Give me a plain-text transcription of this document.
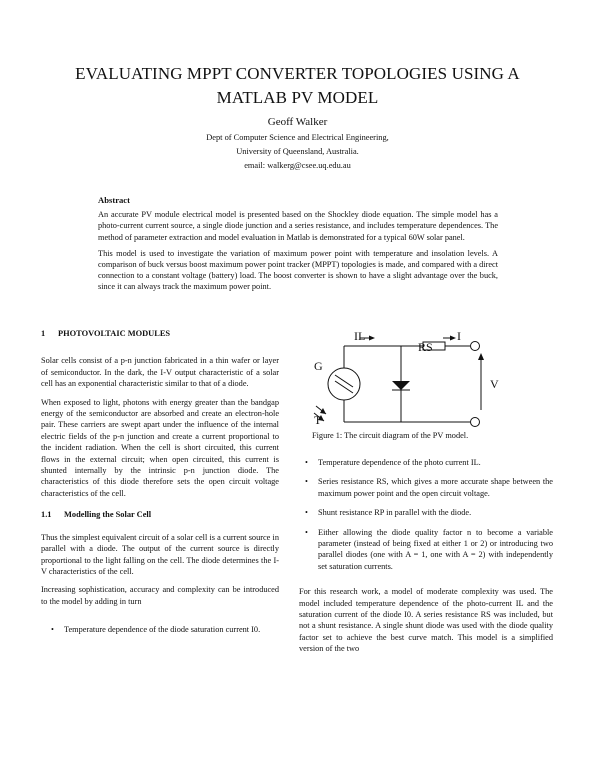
EVALUATING MPPT CONVERTER TOPOLOGIES USING A MATLAB PV MODEL
Geoff Walker
Dept of Computer Science and Electrical Engineering,
University of Queensland, Australia.
email: walkerg@csee.uq.edu.au
Abstract

An accurate PV module electrical model is presented based on the Shockley diode equation. The simple model has a photo-current current source, a single diode junction and a series resistance, and includes temperature dependences. The method of parameter extraction and model evaluation in Matlab is demonstrated for a typical 60W solar panel.

This model is used to investigate the variation of maximum power point with temperature and insolation levels. A comparison of buck versus boost maximum power point tracker (MPPT) topologies is made, and compared with a direct connection to a constant voltage (battery) load. The boost converter is shown to have a slight advantage over the buck, since it can always track the maximum power point.

1 PHOTOVOLTAIC MODULES

Solar cells consist of a p-n junction fabricated in a thin wafer or layer of semiconductor. In the dark, the I-V output characteristic of a solar cell has an exponential characteristic similar to that of a diode.

When exposed to light, photons with energy greater than the bandgap energy of the semiconductor are absorbed and create an electron-hole pair. These carriers are swept apart under the influence of the internal electric fields of the p-n junction and create a current proportional to the incident radiation. When the cell is short circuited, this current flows in the external circuit; when open circuited, this current is shunted internally by the intrinsic p-n junction diode. The characteristics of this diode therefore sets the open circuit voltage characteristics of the cell.

1.1 Modelling the Solar Cell

Thus the simplest equivalent circuit of a solar cell is a current source in parallel with a diode. The output of the current source is directly proportional to the light falling on the cell. The diode determines the I-V characteristics of the cell.

Increasing sophistication, accuracy and complexity can be introduced to the model by adding in turn

• Temperature dependence of the diode saturation current I0.
IL	I
RS
G
T
V
Figure 1: The circuit diagram of the PV model.
• Temperature dependence of the photo current IL.
• Series resistance RS, which gives a more accurate shape between the maximum power point and the open circuit voltage.
• Shunt resistance RP in parallel with the diode.
• Either allowing the diode quality factor n to become a variable parameter (instead of being fixed at either 1 or 2) or introducing two parallel diodes (one with A = 1, one with A = 2) with independently set saturation currents.

For this research work, a model of moderate complexity was used. The model included temperature dependence of the photo-current IL and the saturation current of the diode I0. A series resistance RS was included, but not a shunt resistance. A single shunt diode was used with the diode quality factor set to achieve the best curve match. This model is a simplified version of the two
